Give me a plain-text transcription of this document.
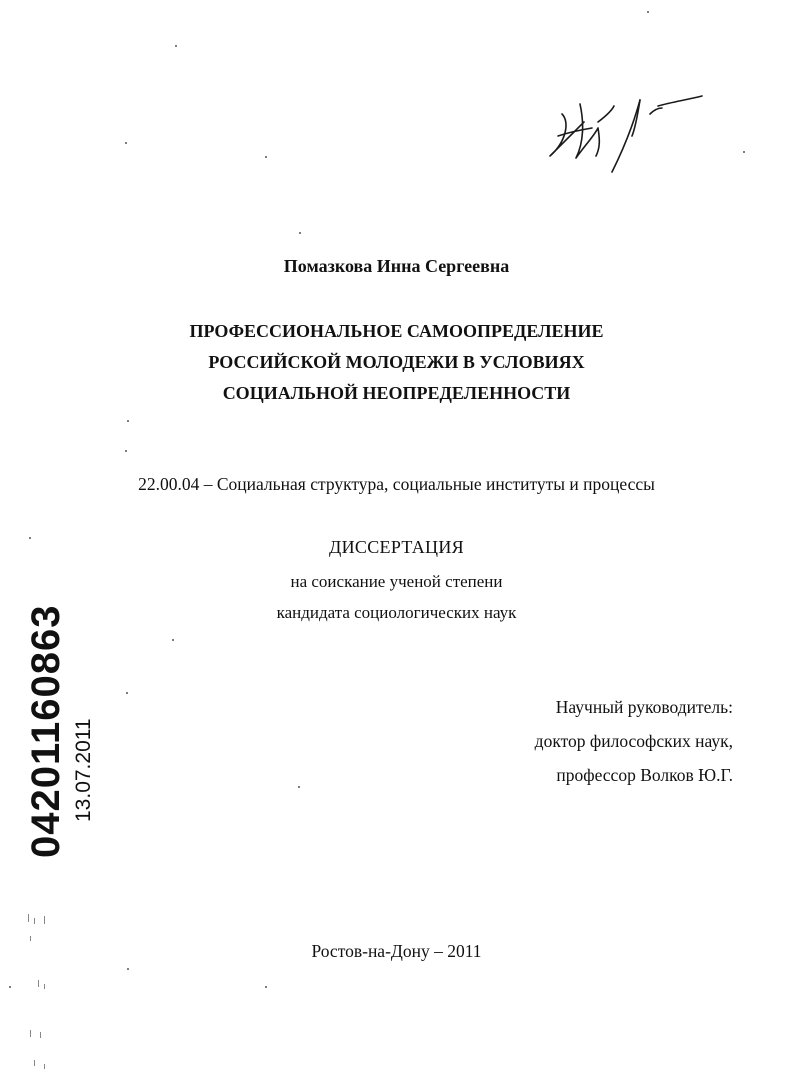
04201160863 13.07.2011
Помазкова Инна Сергеевна
ПРОФЕССИОНАЛЬНОЕ САМООПРЕДЕЛЕНИЕ
РОССИЙСКОЙ МОЛОДЕЖИ В УСЛОВИЯХ
СОЦИАЛЬНОЙ НЕОПРЕДЕЛЕННОСТИ
22.00.04 – Социальная структура, социальные институты и процессы
ДИССЕРТАЦИЯ
на соискание ученой степени
кандидата социологических наук
Научный руководитель:
доктор философских наук,
профессор Волков Ю.Г.
Ростов-на-Дону – 2011
